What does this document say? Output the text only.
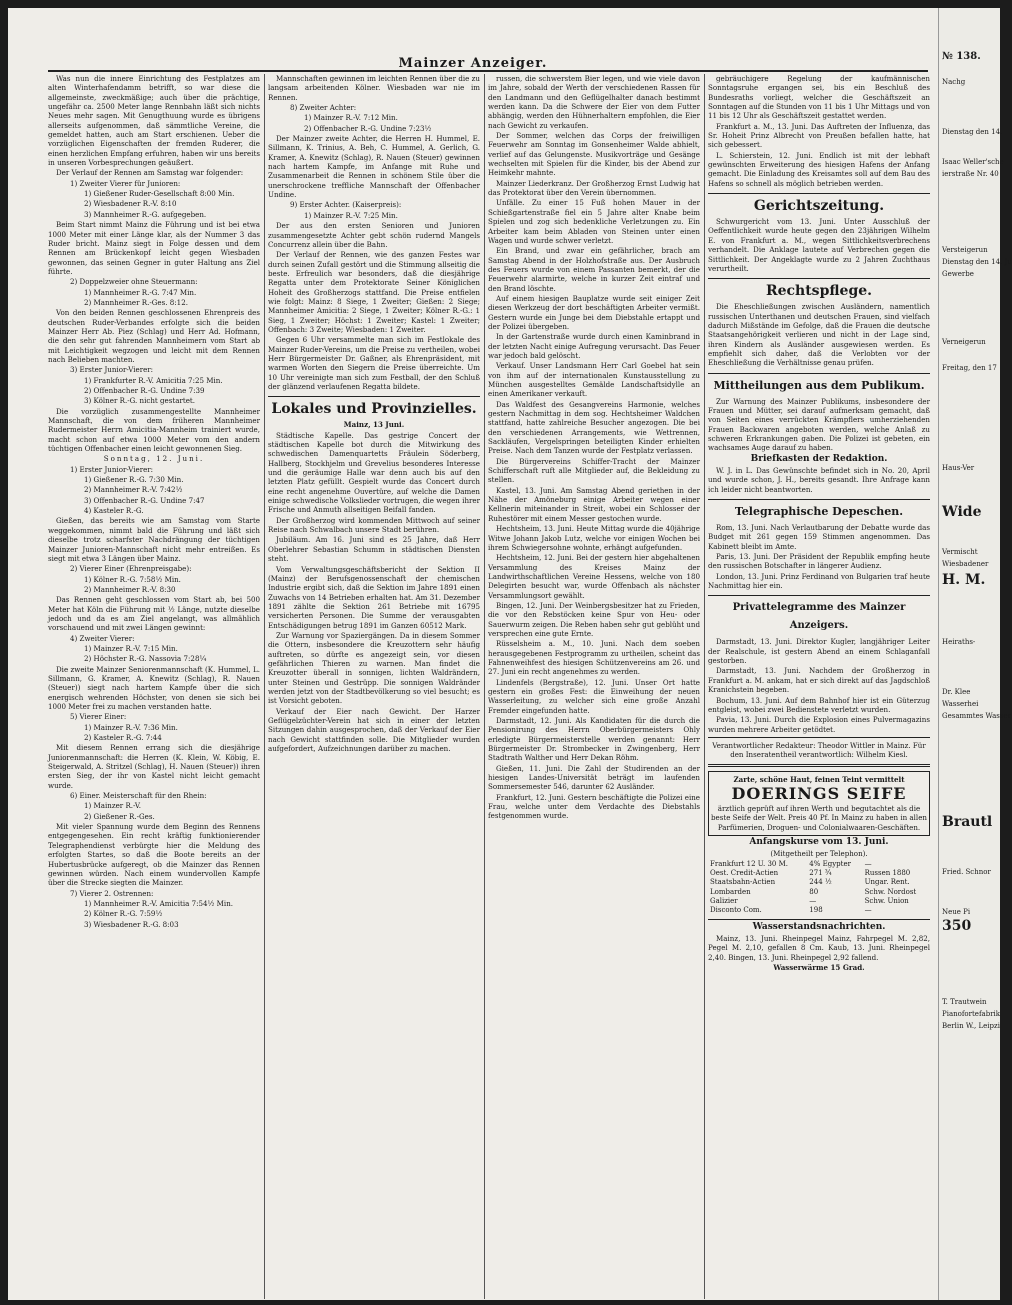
Mainzer Anzeiger.

Was nun die innere Einrichtung des Festplatzes am alten Winterhafendamm betrifft, so war diese die allgemeinste, zweckmäßige; auch über die prächtige, ungefähr ca. 2500 Meter lange Rennbahn läßt sich nichts Neues mehr sagen. Mit Genugthuung wurde es übrigens allerseits aufgenommen, daß sämmtliche Vereine, die gemeldet hatten, auch am Start erschienen. Ueber die vorzüglichen Eigenschaften der fremden Ruderer, die einen herzlichen Empfang erfuhren, haben wir uns bereits in unseren Vorbesprechungen geäußert.

Der Verlauf der Rennen am Samstag war folgender:

1) Zweiter Vierer für Junioren:

1) Gießener Ruder-Gesellschaft 8:00 Min.

2) Wiesbadener R.-V. 8:10

3) Mannheimer R.-G. aufgegeben.

Beim Start nimmt Mainz die Führung und ist bei etwa 1000 Meter mit einer Länge klar, als der Nummer 3 das Ruder bricht. Mainz siegt in Folge dessen und dem Rennen am Brückenkopf leicht gegen Wiesbaden gewonnen, das seinen Gegner in guter Haltung ans Ziel führte.

2) Doppelzweier ohne Steuermann:

1) Mannheimer R.-G. 7:47 Min.

2) Mannheimer R.-Ges. 8:12.

Von den beiden Rennen geschlossenen Ehrenpreis des deutschen Ruder-Verbandes erfolgte sich die beiden Mainzer Herr Ab. Piez (Schlag) und Herr Ad. Hofmann, die den sehr gut fahrenden Mannheimern vom Start ab mit Leichtigkeit wegzogen und leicht mit dem Rennen nach Belieben machten.

3) Erster Junior-Vierer:

1) Frankfurter R.-V. Amicitia 7:25 Min.

2) Offenbacher R.-G. Undine 7:39

3) Kölner R.-G. nicht gestartet.

Die vorzüglich zusammengestellte Mannheimer Mannschaft, die von dem früheren Mannheimer Rudermeister Herrn Amicitia-Mannheim trainiert wurde, macht schon auf etwa 1000 Meter vom den andern tüchtigen Offenbacher einen leicht gewonnenen Sieg.

Sonntag, 12. Juni.

1) Erster Junior-Vierer:

1) Gießener R.-G. 7:30 Min.

2) Mannheimer R.-V. 7:42½

3) Offenbacher R.-G. Undine 7:47

4) Kasteler R.-G.

Gießen, das bereits wie am Samstag vom Starte weggekommen, nimmt bald die Führung und läßt sich dieselbe trotz scharfster Nachdrängung der tüchtigen Mainzer Junioren-Mannschaft nicht mehr entreißen. Es siegt mit etwa 3 Längen über Mainz.

2) Vierer Einer (Ehrenpreisgabe):

1) Kölner R.-G. 7:58½ Min.

2) Mannheimer R.-V. 8:30

Das Rennen geht geschlossen vom Start ab, bei 500 Meter hat Köln die Führung mit ½ Länge, nutzte dieselbe jedoch und da es am Ziel angelangt, was allmählich vorschauend und mit zwei Längen gewinnt:

4) Zweiter Vierer:

1) Mainzer R.-V. 7:15 Min.

2) Höchster R.-G. Nassovia 7:28¼

Die zweite Mainzer Seniorenmannschaft (K. Hummel, L. Sillmann, G. Kramer, A. Knewitz (Schlag), R. Nauen (Steuer)) siegt nach hartem Kampfe über die sich energisch wehrenden Höchster, von denen sie sich bei 1000 Meter frei zu machen verstanden hatte.

5) Vierer Einer:

1) Mainzer R.-V. 7:36 Min.

2) Kasteler R.-G. 7:44

Mit diesem Rennen errang sich die diesjährige Juniorenmannschaft: die Herren (K. Klein, W. Köbig, E. Steigerwald, A. Stritzel (Schlag), H. Nauen (Steuer)) ihren ersten Sieg, der ihr von Kastel nicht leicht gemacht wurde.

6) Einer. Meisterschaft für den Rhein:

1) Mainzer R.-V.

2) Gießener R.-Ges.

Mit vieler Spannung wurde dem Beginn des Rennens entgegengesehen. Ein recht kräftig funktionierender Telegraphendienst verbürgte hier die Meldung des erfolgten Startes, so daß die Boote bereits an der Hubertusbrücke aufgeregt, ob die Mainzer das Rennen gewinnen würden. Nach einem wundervollen Kampfe über die Strecke siegten die Mainzer.

7) Vierer 2. Ostrennen:

1) Mannheimer R.-V. Amicitia 7:54½ Min.

2) Kölner R.-G. 7:59½

3) Wiesbadener R.-G. 8:03

Mannschaften gewinnen im leichten Rennen über die zu langsam arbeitenden Kölner. Wiesbaden war nie im Rennen.

8) Zweiter Achter:

1) Mainzer R.-V. 7:12 Min.

2) Offenbacher R.-G. Undine 7:23½

Der Mainzer zweite Achter, die Herren H. Hummel, E. Sillmann, K. Trinius, A. Beh, C. Hummel, A. Gerlich, G. Kramer, A. Knewitz (Schlag), R. Nauen (Steuer) gewinnen nach hartem Kampfe, im Anfange mit Ruhe und Zusammenarbeit die Rennen in schönem Stile über die unerschrockene treffliche Mannschaft der Offenbacher Undine.

9) Erster Achter. (Kaiserpreis):

1) Mainzer R.-V. 7:25 Min.

Der aus den ersten Senioren und Junioren zusammengesetzte Achter gebt schön rudernd Mangels Concurrenz allein über die Bahn.

Der Verlauf der Rennen, wie des ganzen Festes war durch seinen Zufall gestört und die Stimmung allseitig die beste. Erfreulich war besonders, daß die diesjährige Regatta unter dem Protektorate Seiner Königlichen Hoheit des Großherzogs stattfand. Die Preise entfielen wie folgt: Mainz: 8 Siege, 1 Zweiter; Gießen: 2 Siege; Mannheimer Amicitia: 2 Siege, 1 Zweiter; Kölner R.-G.: 1 Sieg, 1 Zweiter; Höchst: 1 Zweiter; Kastel: 1 Zweiter; Offenbach: 3 Zweite; Wiesbaden: 1 Zweiter.

Gegen 6 Uhr versammelte man sich im Festlokale des Mainzer Ruder-Vereins, um die Preise zu vertheilen, wobei Herr Bürgermeister Dr. Gaßner, als Ehrenpräsident, mit warmen Worten den Siegern die Preise überreichte. Um 10 Uhr vereinigte man sich zum Festball, der den Schluß der glänzend verlaufenen Regatta bildete.

Lokales und Provinzielles.

Mainz, 13 Juni.

Städtische Kapelle. Das gestrige Concert der städtischen Kapelle bot durch die Mitwirkung des schwedischen Damenquartetts Fräulein Söderberg, Hallberg, Stockhjelm und Grevelius besonderes Interesse und die geräumige Halle war denn auch bis auf den letzten Platz gefüllt. Gespielt wurde das Concert durch eine recht angenehme Ouvertüre, auf welche die Damen einige schwedische Volkslieder vortrugen, die wegen ihrer Frische und Anmuth allseitigen Beifall fanden.

Der Großherzog wird kommenden Mittwoch auf seiner Reise nach Schwalbach unsere Stadt berühren.

Jubiläum. Am 16. Juni sind es 25 Jahre, daß Herr Oberlehrer Sebastian Schumm in städtischen Diensten steht.

Vom Verwaltungsgeschäftsbericht der Sektion II (Mainz) der Berufsgenossenschaft der chemischen Industrie ergibt sich, daß die Sektion im Jahre 1891 einen Zuwachs von 14 Betrieben erhalten hat. Am 31. Dezember 1891 zählte die Sektion 261 Betriebe mit 16795 versicherten Personen. Die Summe der verausgabten Entschädigungen betrug 1891 im Ganzen 60512 Mark.

Zur Warnung vor Spaziergängen. Da in diesem Sommer die Ottern, insbesondere die Kreuzottern sehr häufig auftreten, so dürfte es angezeigt sein, vor diesen gefährlichen Thieren zu warnen. Man findet die Kreuzotter überall in sonnigen, lichten Waldrändern, unter Steinen und Gestrüpp. Die sonnigen Waldränder werden jetzt von der Stadtbevölkerung so viel besucht; es ist Vorsicht geboten.

Verkauf der Eier nach Gewicht. Der Harzer Geflügelzüchter-Verein hat sich in einer der letzten Sitzungen dahin ausgesprochen, daß der Verkauf der Eier nach Gewicht stattfinden solle. Die Mitglieder wurden aufgefordert, Aufzeichnungen darüber zu machen.

russen, die schwerstem Bier legen, und wie viele davon im Jahre, sobald der Werth der verschiedenen Rassen für den Landmann und den Geflügelhalter danach bestimmt werden kann. Da die Schwere der Eier von dem Futter abhängig, werden den Hühnerhaltern empfohlen, die Eier nach Gewicht zu verkaufen.

Der Sommer, welchen das Corps der freiwilligen Feuerwehr am Sonntag im Gonsenheimer Walde abhielt, verlief auf das Gelungenste. Musikvorträge und Gesänge wechselten mit Spielen für die Kinder, bis der Abend zur Heimkehr mahnte.

Mainzer Liederkranz. Der Großherzog Ernst Ludwig hat das Protektorat über den Verein übernommen.

Unfälle. Zu einer 15 Fuß hohen Mauer in der Schießgartenstraße fiel ein 5 Jahre alter Knabe beim Spielen und zog sich bedenkliche Verletzungen zu. Ein Arbeiter kam beim Abladen von Steinen unter einen Wagen und wurde schwer verletzt.

Ein Brand, und zwar ein gefährlicher, brach am Samstag Abend in der Holzhofstraße aus. Der Ausbruch des Feuers wurde von einem Passanten bemerkt, der die Feuerwehr alarmirte, welche in kurzer Zeit eintraf und den Brand löschte.

Auf einem hiesigen Bauplatze wurde seit einiger Zeit diesen Werkzeug der dort beschäftigten Arbeiter vermißt. Gestern wurde ein Junge bei dem Diebstahle ertappt und der Polizei übergeben.

In der Gartenstraße wurde durch einen Kaminbrand in der letzten Nacht einige Aufregung verursacht. Das Feuer war jedoch bald gelöscht.

Verkauf. Unser Landsmann Herr Carl Goebel hat sein von ihm auf der internationalen Kunstausstellung zu München ausgestelltes Gemälde Landschaftsidylle an einen Amerikaner verkauft.

Das Waldfest des Gesangvereins Harmonie, welches gestern Nachmittag in dem sog. Hechtsheimer Waldchen stattfand, hatte zahlreiche Besucher angezogen. Die bei den verschiedenen Arrangements, wie Wettrennen, Sackläufen, Vergelspringen beteiligten Kinder erhielten Preise. Nach dem Tanzen wurde der Festplatz verlassen.

Die Bürgervereins Schiffer-Tracht der Mainzer Schifferschaft ruft alle Mitglieder auf, die Bekleidung zu stellen.

Kastel, 13. Juni. Am Samstag Abend geriethen in der Nähe der Amöneburg einige Arbeiter wegen einer Kellnerin miteinander in Streit, wobei ein Schlosser der Ruhestörer mit einem Messer gestochen wurde.

Hechtsheim, 13. Juni. Heute Mittag wurde die 40jährige Witwe Johann Jakob Lutz, welche vor einigen Wochen bei ihrem Schwiegersohne wohnte, erhängt aufgefunden.

Hechtsheim, 12. Juni. Bei der gestern hier abgehaltenen Versammlung des Kreises Mainz der Landwirthschaftlichen Vereine Hessens, welche von 180 Delegirten besucht war, wurde Offenbach als nächster Versammlungsort gewählt.

Bingen, 12. Juni. Der Weinbergsbesitzer hat zu Frieden, die vor den Rebstöcken keine Spur von Heu- oder Sauerwurm zeigen. Die Reben haben sehr gut geblüht und versprechen eine gute Ernte.

Rüsselsheim a. M., 10. Juni. Nach dem soeben herausgegebenen Festprogramm zu urtheilen, scheint das Fahnenweihfest des hiesigen Schützenvereins am 26. und 27. Juni ein recht angenehmes zu werden.

Lindenfels (Bergstraße), 12. Juni. Unser Ort hatte gestern ein großes Fest: die Einweihung der neuen Wasserleitung, zu welcher sich eine große Anzahl Fremder eingefunden hatte.

Darmstadt, 12. Juni. Als Kandidaten für die durch die Pensionirung des Herrn Oberbürgermeisters Ohly erledigte Bürgermeisterstelle werden genannt: Herr Bürgermeister Dr. Strombecker in Zwingenberg, Herr Stadtrath Walther und Herr Dekan Röhm.

Gießen, 11. Juni. Die Zahl der Studirenden an der hiesigen Landes-Universität beträgt im laufenden Sommersemester 546, darunter 62 Ausländer.

Frankfurt, 12. Juni. Gestern beschäftigte die Polizei eine Frau, welche unter dem Verdachte des Diebstahls festgenommen wurde.

gebräuchigere Regelung der kaufmännischen Sonntagsruhe ergangen sei, bis ein Beschluß des Bundesraths vorliegt, welcher die Geschäftszeit an Sonntagen auf die Stunden von 11 bis 1 Uhr Mittags und von 11 bis 12 Uhr als Geschäftszeit gestattet werden.

Frankfurt a. M., 13. Juni. Das Auftreten der Influenza, das Sr. Hoheit Prinz Albrecht von Preußen befallen hatte, hat sich gebessert.

L. Schierstein, 12. Juni. Endlich ist mit der lebhaft gewünschten Erweiterung des hiesigen Hafens der Anfang gemacht. Die Einladung des Kreisamtes soll auf dem Bau des Hafens so schnell als möglich betrieben werden.

Gerichtszeitung.

Schwurgericht vom 13. Juni. Unter Ausschluß der Oeffentlichkeit wurde heute gegen den 23jährigen Wilhelm E. von Frankfurt a. M., wegen Sittlichkeitsverbrechens verhandelt. Die Anklage lautete auf Verbrechen gegen die Sittlichkeit. Der Angeklagte wurde zu 2 Jahren Zuchthaus verurtheilt.

Rechtspflege.

Die Eheschließungen zwischen Ausländern, namentlich russischen Unterthanen und deutschen Frauen, sind vielfach dadurch Mißstände im Gefolge, daß die Frauen die deutsche Staatsangehörigkeit verlieren und nicht in der Lage sind, ihren Kindern als Ausländer ausgewiesen werden. Es empfiehlt sich daher, daß die Verlobten vor der Eheschließung die Verhältnisse genau prüfen.

Mittheilungen aus dem Publikum.

Zur Warnung des Mainzer Publikums, insbesondere der Frauen und Mütter, sei darauf aufmerksam gemacht, daß von Seiten eines verrückten Krämpflers umherziehenden Frauen Backwaren angeboten werden, welche Anlaß zu schweren Erkrankungen gaben. Die Polizei ist gebeten, ein wachsames Auge darauf zu haben.

Briefkasten der Redaktion.

W. J. in L. Das Gewünschte befindet sich in No. 20, April und wurde schon, J. H., bereits gesandt. Ihre Anfrage kann ich leider nicht beantworten.

Telegraphische Depeschen.

Rom, 13. Juni. Nach Verlautbarung der Debatte wurde das Budget mit 261 gegen 159 Stimmen angenommen. Das Kabinett bleibt im Amte.

Paris, 13. Juni. Der Präsident der Republik empfing heute den russischen Botschafter in längerer Audienz.

London, 13. Juni. Prinz Ferdinand von Bulgarien traf heute Nachmittag hier ein.

Privattelegramme des Mainzer Anzeigers.

Darmstadt, 13. Juni. Direktor Kugler, langjähriger Leiter der Realschule, ist gestern Abend an einem Schlaganfall gestorben.

Darmstadt, 13. Juni. Nachdem der Großherzog in Frankfurt a. M. ankam, hat er sich direkt auf das Jagdschloß Kranichstein begeben.

Bochum, 13. Juni. Auf dem Bahnhof hier ist ein Güterzug entgleist, wobei zwei Bedienstete verletzt wurden.

Pavia, 13. Juni. Durch die Explosion eines Pulvermagazins wurden mehrere Arbeiter getödtet.

Verantwortlicher Redakteur: Theodor Wittler in Mainz. Für den Inseratentheil verantwortlich: Wilhelm Kiesl.

Zarte, schöne Haut, feinen Teint vermittelt

DOERINGS SEIFE

ärztlich geprüft auf ihren Werth und begutachtet als die beste Seife der Welt. Preis 40 Pf. In Mainz zu haben in allen Parfümerien, Droguen- und Colonialwaaren-Geschäften.

Anfangskurse vom 13. Juni.

(Mitgetheilt per Telephon).

Frankfurt 12 U. 30 M.	4% Egypter	—
Oest. Credit-Actien	271 ¾	Russen 1880
Staatsbahn-Actien	244 ½	Ungar. Rent.
Lombarden	80	Schw. Nordost
Galizier	—	Schw. Union
Disconto Com.	198	—
Wasserstandsnachrichten.

Mainz, 13. Juni. Rheinpegel Mainz, Fahrpegel M. 2,82, Pegel M. 2,10, gefallen 8 Cm. Kaub, 13. Juni. Rheinpegel 2,40. Bingen, 13. Juni. Rheinpegel 2,92 fallend.

Wasserwärme 15 Grad.

№ 138.
Nachg
Dienstag den 14.
Isaac Weller'sche
ierstraße Nr. 40
Versteigerun
Dienstag den 14. Ju
Gewerbe
Verneigerun
Freitag, den 17
Haus-Ver
Wide
Vermischt
Wiesbadener
H. M.
Heiraths-
Dr. Klee
Wasserhei
Gesammtes Wasser
Brautl
Fried. Schnor
Neue Pi
350
T. Trautwein
Pianofortefabrik
Berlin W., Leipzi
